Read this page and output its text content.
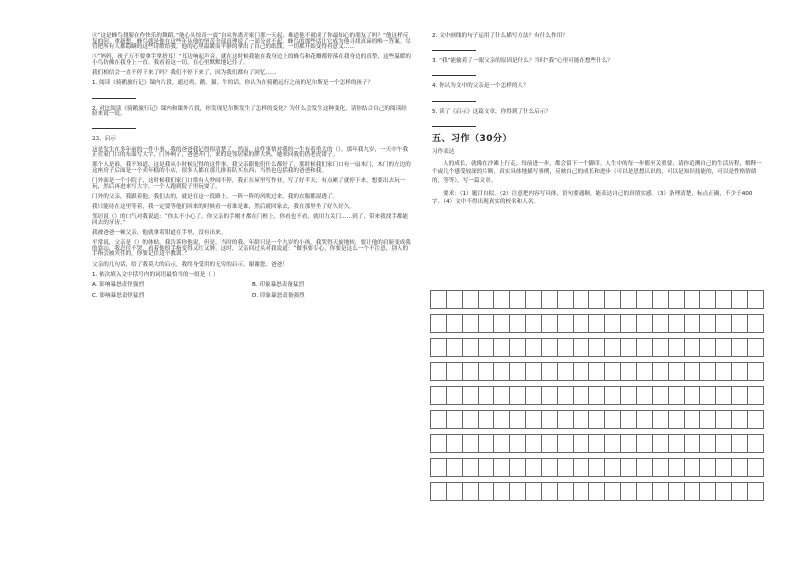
④“这是蜂鸟翅膀在作快乐的舞蹈。”他心头惊奇一震“自从你离开家门那一天起，难道他不就成了你最知心的朋友了吗？”他这样反复的问。重新想，蜂鸟就是他在这些年从他的坚苦全部真理说了一部分对不起。蜂鸟的那些话让它成为他寻找真谛的唯一答案。尽管把所有人都隐瞒的这些诗歌给我。他的心里温暖而平静的拿出了自己的纸钱，一切都开始变得有意义……

⑤“妈妈，孩子万不要拿手掌捂耳！”耳边响起声音，就在这时候我能在我身边上的蜂鸟和花瓣都停落在我身边的真挚，这些温暖的小鸟仿佛在我身上一直。我看着这一切，在心里默默地记住了。

我们相信会一直不停下来了吗？我们不停下来了，因为我们都有了回忆……

1. 阅读《骑鹅旅行记》课内片段，通过鸡、鹅、猫、牛的话，你认为在骑鹅远行之前的尼尔斯是一个怎样的孩子？

2. 对比阅读《骑鹅旅行记》课内和课外片段，你发现尼尔斯发生了怎样的变化？为什么会发生这种变化，请你结合自己的阅读经验来说一说。

23、启示

这是发生在多年前的一件小事，我的爸爸我记得很清楚了，然而，这件事情对我的一生有着重大的（）。那年我九岁，一天中午我正在家门口的东面写大字，门外响了，爸爸开门，来的是邻居家的胖大妈，她来向我们借老虎钳子。

那个人是谁，我不知道，这是我从小时候记得的这件事，我父亲跟他们什么都好了，那时候我们家门口有一扇木门，木门的左边的这座房子后面是一个卖年糕的小店，很多人都在那儿排着队买东西；当然也包括我的爸爸和我。

门外面是一个小院子，这时候我们家门口常有人吵闹不停，我正在屋里写作业，写了好半天，有点累了就停下来，想要出去玩一玩，然后再进来写大字，一个人跑到院子里玩耍了。

门外的父亲，我跟着他。我们去的，就是在这一段路上，一阵一阵的风吹过来，我的衣服都湿透了。

我只能待在这里等着，我一定要等他们回来的时候看一看谁是谁，然后就回家去，我在那里坐了好久好久。

邻居说（）的口气对我说道：“你太不小心了，你父亲的手刚才都在门框上，你看也不看，就用力关门……到了，带来我找手都能回去的牙齿。”

我被爸爸一顿父亲，他就拿着钳道在手里，没有出来。

平常说，父亲是（）的体贴，我告诉你他说，但是，当时的我，年龄只是一个九岁的小孩，我哭得天旋地转，要让他的肩膀变成我的靠山，我忍住不哭，看着他的手指变得又红又肿。这时，父亲回过头对我说道：“做事要专心，你要是这么一个不注意，别人的手指会被夹住的，你要记住这个教训。”

父亲的几句话，给了我莫大的启示，我终身受用的无穷的启示。谢谢您，爸爸！

1. 依次填入文中括号内的词语最恰当的一组是（ ）

A. 影响暴怒责怪强烈	B. 印象暴怒责备猛烈
C. 影响暴怒责怪猛烈	D. 印象暴怒责备强烈

2. 文中画线的句子运用了什么描写方法？有什么作用？

3. “我”能偷着了一眼父亲的原因是什么？当时“我”心里可能在想些什么？

4. 你认为文中的父亲是一个怎样的人？

5. 读了《启示》这篇文章，你得到了什么启示？

五、习作（30分）

习作表达

人的成长，就像在沙滩上行走，每前进一步，都会留下一个脚印。人生中的每一步都至关重要，请你追溯自己的生活历程，解释一个或几个感受较深的片断，真实具体地描写事例，反映自己的成长和进步（可以是思想认识的，可以是知识技能的，可以是性格情绪的，等等），写一篇文章。

要求：（1）题目自拟。（2）注意把内容写具体，语句要通顺，能表达自己的真情实感。（3）条理清楚，标点正确，不少于400字。（4）文中不得出现真实的校名和人名。
